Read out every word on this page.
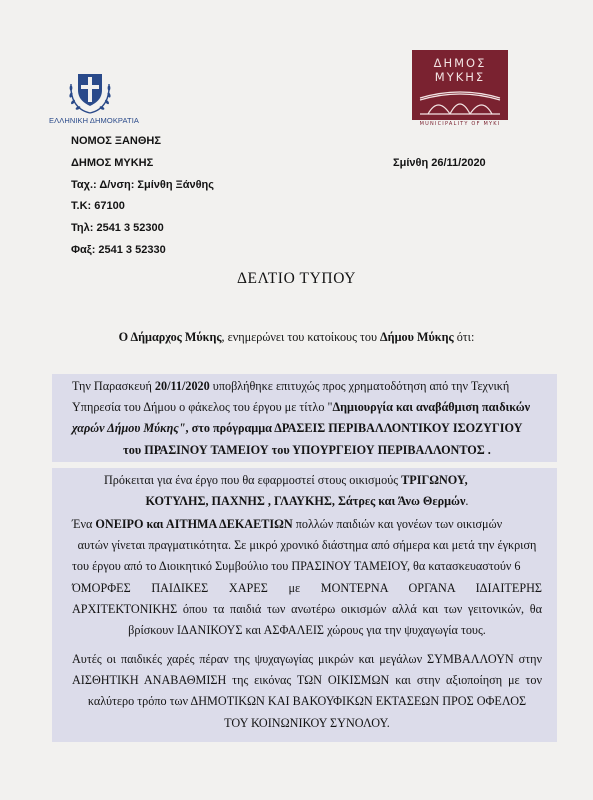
ΕΛΛΗΝΙΚΗ ΔΗΜΟΚΡΑΤΙΑ
ΔΗΜΟΣ
ΜΥΚΗΣ
MUNICIPALITY OF MYKI
ΝΟΜΟΣ ΞΑΝΘΗΣ
ΔΗΜΟΣ ΜΥΚΗΣ
Ταχ.: Δ/νση: Σμίνθη Ξάνθης
Τ.Κ: 67100
Τηλ: 2541 3 52300
Φαξ: 2541 3 52330
Σμίνθη 26/11/2020
ΔΕΛΤΙΟ ΤΥΠΟΥ
Ο Δήμαρχος Μύκης, ενημερώνει του κατοίκους του Δήμου Μύκης ότι:
Την Παρασκευή 20/11/2020 υποβλήθηκε επιτυχώς προς χρηματοδότηση από την Τεχνική
Υπηρεσία του Δήμου ο φάκελος του έργου με τίτλο "Δημιουργία και αναβάθμιση παιδικών
χαρών Δήμου Μύκης", στο πρόγραμμα ΔΡΑΣΕΙΣ ΠΕΡΙΒΑΛΛΟΝΤΙΚΟΥ ΙΣΟΖΥΓΙΟΥ
του ΠΡΑΣΙΝΟΥ ΤΑΜΕΙΟΥ του ΥΠΟΥΡΓΕΙΟΥ ΠΕΡΙΒΑΛΛΟΝΤΟΣ .
Πρόκειται για ένα έργο που θα εφαρμοστεί στους οικισμούς ΤΡΙΓΩΝΟΥ,
ΚΟΤΥΛΗΣ, ΠΑΧΝΗΣ , ΓΛΑΥΚΗΣ, Σάτρες και Άνω Θερμών.
Ένα ΟΝΕΙΡΟ και ΑΙΤΗΜΑ ΔΕΚΑΕΤΙΩΝ πολλών παιδιών και γονέων των οικισμών
αυτών γίνεται πραγματικότητα. Σε μικρό χρονικό διάστημα από σήμερα και μετά την έγκριση
του έργου από το Διοικητικό Συμβούλιο του ΠΡΑΣΙΝΟΥ ΤΑΜΕΙΟΥ, θα κατασκευαστούν 6
ΌΜΟΡΦΕΣ ΠΑΙΔΙΚΕΣ ΧΑΡΕΣ με ΜΟΝΤΕΡΝΑ ΟΡΓΑΝΑ ΙΔΙΑΙΤΕΡΗΣ
ΑΡΧΙΤΕΚΤΟΝΙΚΗΣ όπου τα παιδιά των ανωτέρω οικισμών αλλά και των γειτονικών, θα
βρίσκουν ΙΔΑΝΙΚΟΥΣ και ΑΣΦΑΛΕΙΣ χώρους για την ψυχαγωγία τους.
Αυτές οι παιδικές χαρές πέραν της ψυχαγωγίας μικρών και μεγάλων ΣΥΜΒΑΛΛΟΥΝ στην
ΑΙΣΘΗΤΙΚΗ ΑΝΑΒΑΘΜΙΣΗ της εικόνας ΤΩΝ ΟΙΚΙΣΜΩΝ και στην αξιοποίηση με τον
καλύτερο τρόπο των ΔΗΜΟΤΙΚΩΝ ΚΑΙ ΒΑΚΟΥΦΙΚΩΝ ΕΚΤΑΣΕΩΝ ΠΡΟΣ ΟΦΕΛΟΣ
ΤΟΥ ΚΟΙΝΩΝΙΚΟΥ ΣΥΝΟΛΟΥ.
